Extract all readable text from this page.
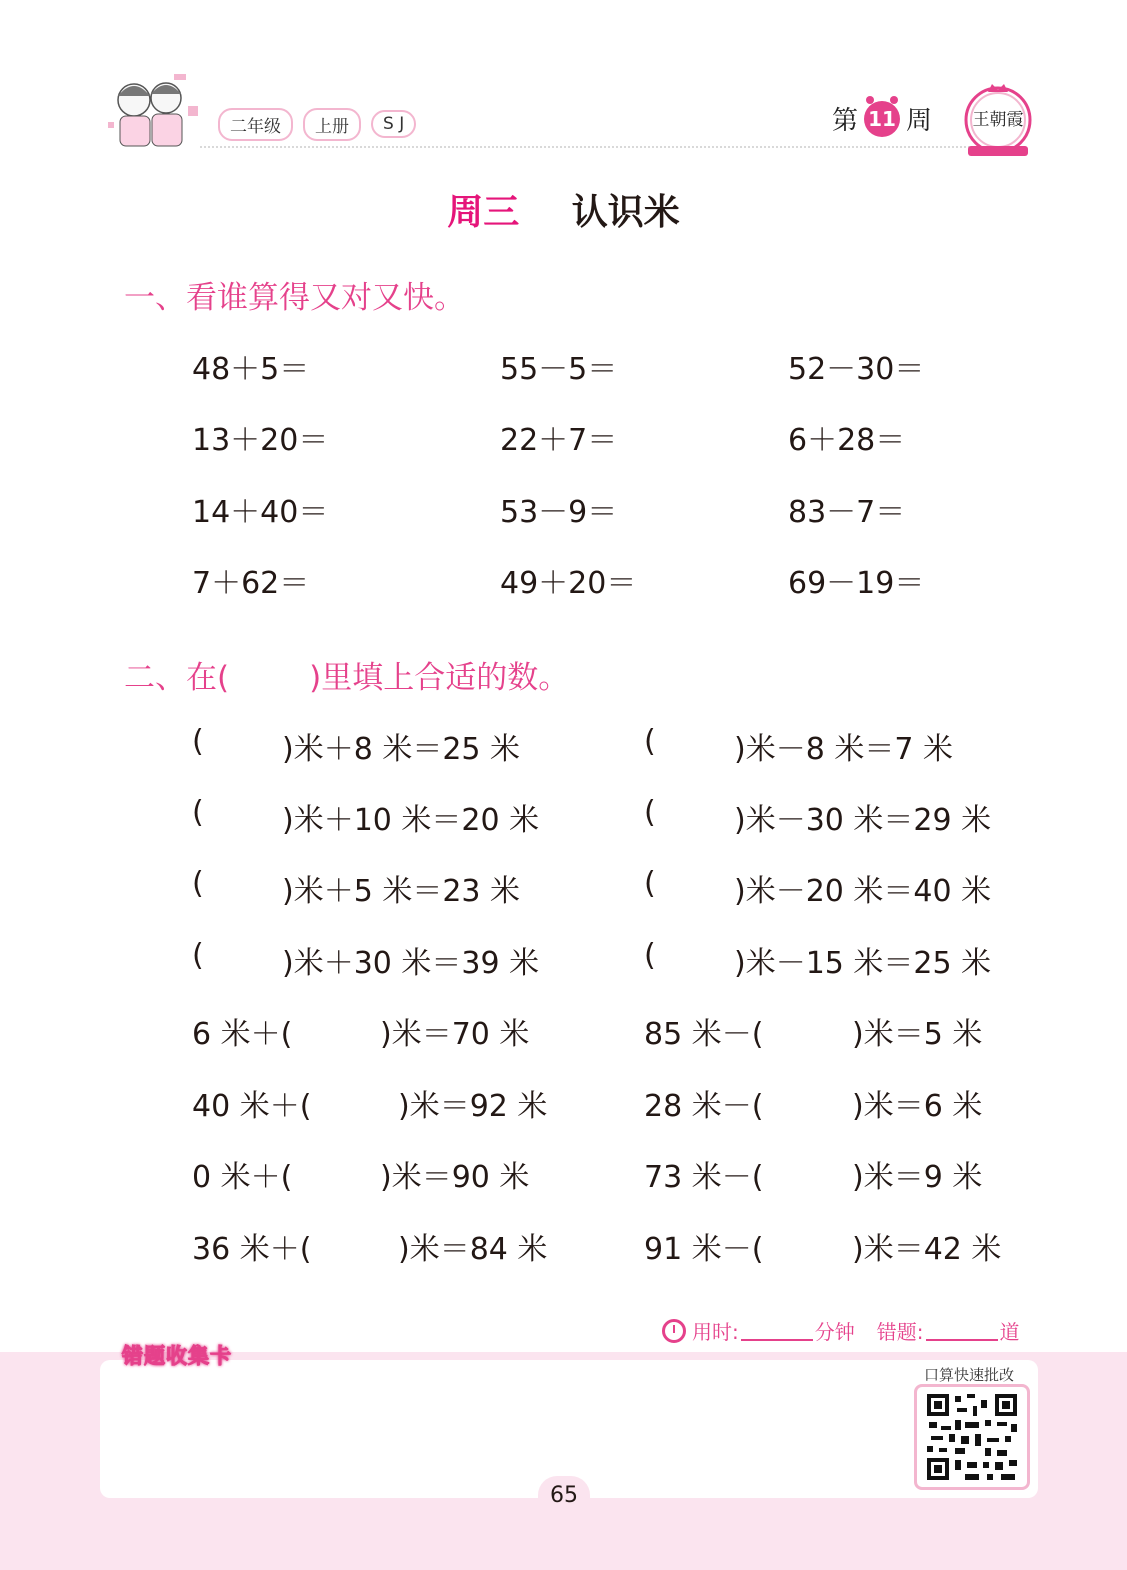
二年级	上册	S J	第 11 周	王朝霞
周三 认识米
一、看谁算得又对又快。
48＋5＝	55－5＝	52－30＝
13＋20＝	22＋7＝	6＋28＝
14＋40＝	53－9＝	83－7＝
7＋62＝	49＋20＝	69－19＝
二、在(	)里填上合适的数。
(	)米＋8 米＝25 米	(	)米－8 米＝7 米
(	)米＋10 米＝20 米	(	)米－30 米＝29 米
(	)米＋5 米＝23 米	(	)米－20 米＝40 米
(	)米＋30 米＝39 米	(	)米－15 米＝25 米
6 米＋(	)米＝70 米	85 米－(	)米＝5 米
40 米＋(	)米＝92 米	28 米－(	)米＝6 米
0 米＋(	)米＝90 米	73 米－(	)米＝9 米
36 米＋(	)米＝84 米	91 米－(	)米＝42 米
用时:	分钟 错题:	道
错题收集卡
口算快速批改
65
